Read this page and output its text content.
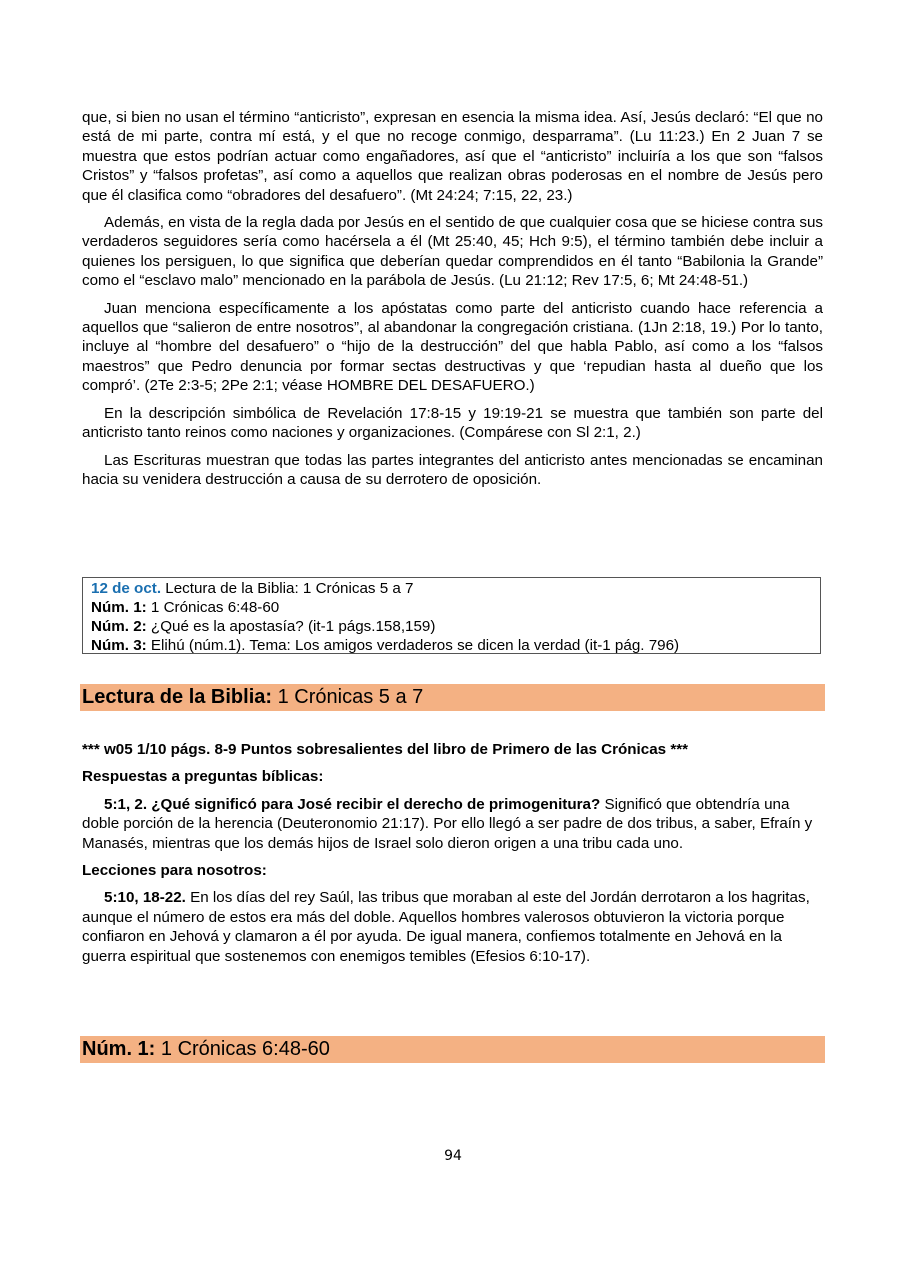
que, si bien no usan el término “anticristo”, expresan en esencia la misma idea. Así, Jesús declaró: “El que no está de mi parte, contra mí está, y el que no recoge conmigo, desparrama”. (Lu 11:23.) En 2 Juan 7 se muestra que estos podrían actuar como engañadores, así que el “anticristo” incluiría a los que son “falsos Cristos” y “falsos profetas”, así como a aquellos que realizan obras poderosas en el nombre de Jesús pero que él clasifica como “obradores del desafuero”. (Mt 24:24; 7:15, 22, 23.)

Además, en vista de la regla dada por Jesús en el sentido de que cualquier cosa que se hiciese contra sus verdaderos seguidores sería como hacérsela a él (Mt 25:40, 45; Hch 9:5), el término también debe incluir a quienes los persiguen, lo que significa que deberían quedar comprendidos en él tanto “Babilonia la Grande” como el “esclavo malo” mencionado en la parábola de Jesús. (Lu 21:12; Rev 17:5, 6; Mt 24:48-51.)

Juan menciona específicamente a los apóstatas como parte del anticristo cuando hace referencia a aquellos que “salieron de entre nosotros”, al abandonar la congregación cristiana. (1Jn 2:18, 19.) Por lo tanto, incluye al “hombre del desafuero” o “hijo de la destrucción” del que habla Pablo, así como a los “falsos maestros” que Pedro denuncia por formar sectas destructivas y que ‘repudian hasta al dueño que los compró’. (2Te 2:3-5; 2Pe 2:1; véase HOMBRE DEL DESAFUERO.)

En la descripción simbólica de Revelación 17:8-15 y 19:19-21 se muestra que también son parte del anticristo tanto reinos como naciones y organizaciones. (Compárese con Sl 2:1, 2.)

Las Escrituras muestran que todas las partes integrantes del anticristo antes mencionadas se encaminan hacia su venidera destrucción a causa de su derrotero de oposición.

12 de oct. Lectura de la Biblia: 1 Crónicas 5 a 7

Núm. 1: 1 Crónicas 6:48-60

Núm. 2: ¿Qué es la apostasía? (it-1 págs.158,159)

Núm. 3: Elihú (núm.1). Tema: Los amigos verdaderos se dicen la verdad (it-1 pág. 796)

Lectura de la Biblia: 1 Crónicas 5 a 7

*** w05 1/10 págs. 8-9 Puntos sobresalientes del libro de Primero de las Crónicas ***

Respuestas a preguntas bíblicas:

5:1, 2. ¿Qué significó para José recibir el derecho de primogenitura? Significó que obtendría una doble porción de la herencia (Deuteronomio 21:17). Por ello llegó a ser padre de dos tribus, a saber, Efraín y Manasés, mientras que los demás hijos de Israel solo dieron origen a una tribu cada uno.

Lecciones para nosotros:

5:10, 18-22. En los días del rey Saúl, las tribus que moraban al este del Jordán derrotaron a los hagritas, aunque el número de estos era más del doble. Aquellos hombres valerosos obtuvieron la victoria porque confiaron en Jehová y clamaron a él por ayuda. De igual manera, confiemos totalmente en Jehová en la guerra espiritual que sostenemos con enemigos temibles (Efesios 6:10-17).

Núm. 1: 1 Crónicas 6:48-60
94
